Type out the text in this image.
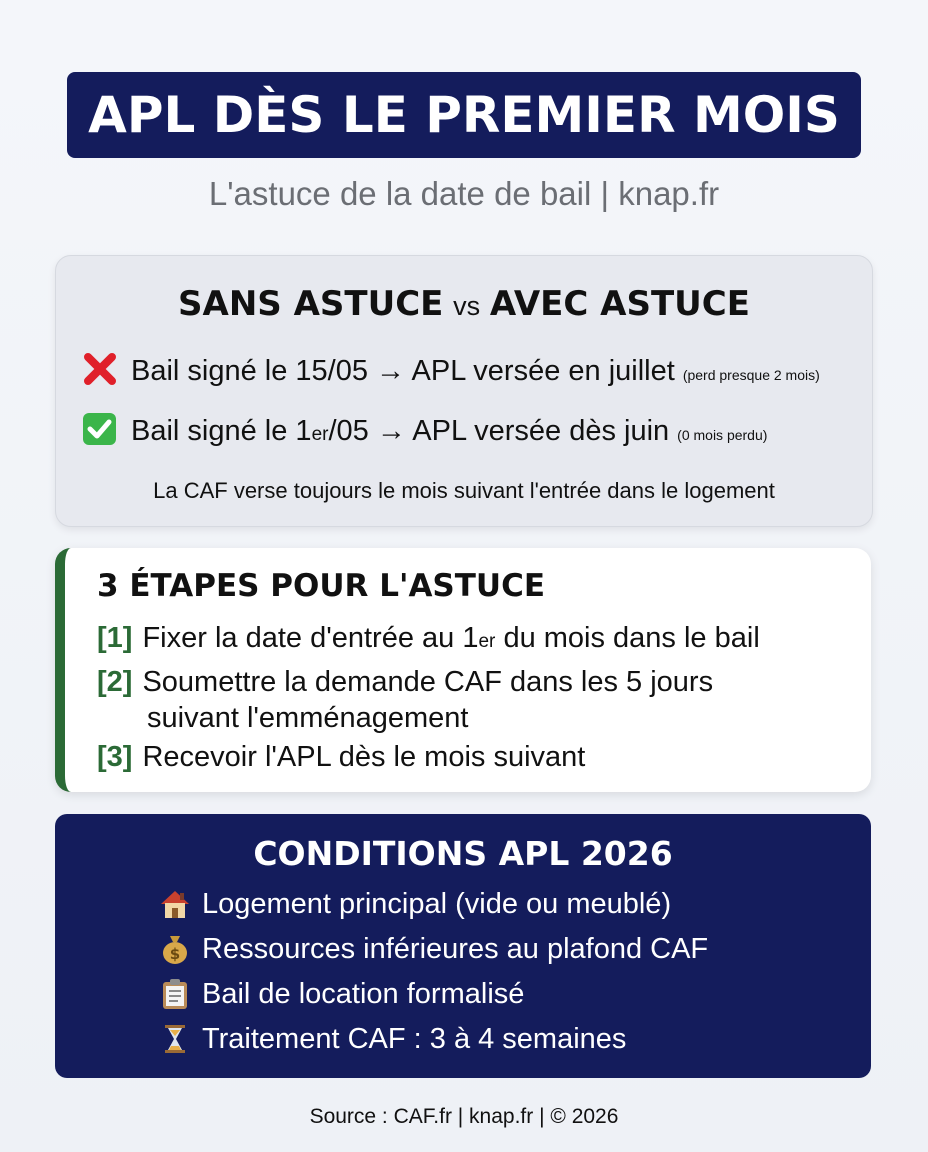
APL DÈS LE PREMIER MOIS
L'astuce de la date de bail | knap.fr
SANS ASTUCE vs AVEC ASTUCE
Bail signé le 15/05 → APL versée en juillet (perd presque 2 mois)
Bail signé le 1 er /05 → APL versée dès juin (0 mois perdu)
La CAF verse toujours le mois suivant l'entrée dans le logement
3 ÉTAPES POUR L'ASTUCE
[1] Fixer la date d'entrée au 1er du mois dans le bail
[2] Soumettre la demande CAF dans les 5 jours
suivant l'emménagement
[3] Recevoir l'APL dès le mois suivant
CONDITIONS APL 2026
Logement principal (vide ou meublé)
$ Ressources inférieures au plafond CAF
Bail de location formalisé
Traitement CAF : 3 à 4 semaines
Source : CAF.fr | knap.fr | © 2026
